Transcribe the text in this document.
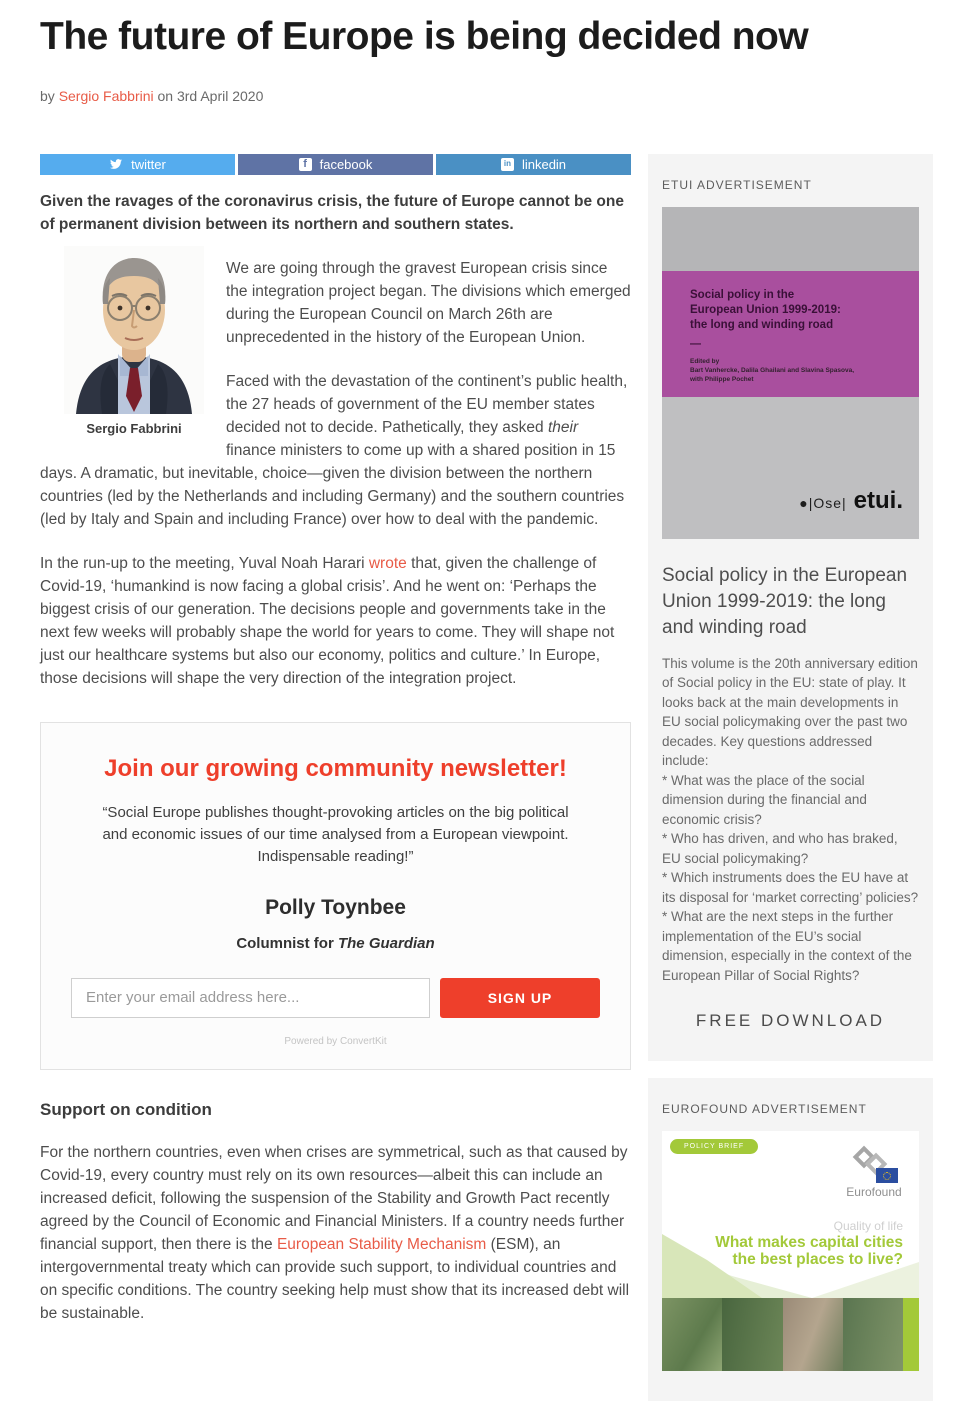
The future of Europe is being decided now
by Sergio Fabbrini on 3rd April 2020
twitter	f facebook	in linkedin

Given the ravages of the coronavirus crisis, the future of Europe cannot be one of permanent division between its northern and southern states.

Sergio Fabbrini

We are going through the gravest European crisis since the integration project began. The divisions which emerged during the European Council on March 26th are unprecedented in the history of the European Union.

Faced with the devastation of the continent’s public health, the 27 heads of government of the EU member states decided not to decide. Pathetically, they asked their finance ministers to come up with a shared position in 15 days. A dramatic, but inevitable, choice—given the division between the northern countries (led by the Netherlands and including Germany) and the southern countries (led by Italy and Spain and including France) over how to deal with the pandemic.

In the run-up to the meeting, Yuval Noah Harari wrote that, given the challenge of Covid-19, ‘humankind is now facing a global crisis’. And he went on: ‘Perhaps the biggest crisis of our generation. The decisions people and governments take in the next few weeks will probably shape the world for years to come. They will shape not just our healthcare systems but also our economy, politics and culture.’ In Europe, those decisions will shape the very direction of the integration project.

Join our growing community newsletter!

“Social Europe publishes thought-provoking articles on the big political and economic issues of our time analysed from a European viewpoint. Indispensable reading!”

Polly Toynbee
Columnist for The Guardian
Enter your email address here...
SIGN UP
Powered by ConvertKit
Support on condition

For the northern countries, even when crises are symmetrical, such as that caused by Covid-19, every country must rely on its own resources—albeit this can include an increased deficit, following the suspension of the Stability and Growth Pact recently agreed by the Council of Economic and Financial Ministers. If a country needs further financial support, then there is the European Stability Mechanism (ESM), an intergovernmental treaty which can provide such support, to individual countries and on specific conditions. The country seeking help must show that its increased debt will be sustainable.

ETUI ADVERTISEMENT
Social policy in the
European Union 1999-2019:
the long and winding road
—
Edited by
Bart Vanhercke, Dalila Ghailani and Slavina Spasova,
with Philippe Pochet
●|Ose| etui.
Social policy in the European Union 1999-2019: the long and winding road

This volume is the 20th anniversary edition of Social policy in the EU: state of play. It looks back at the main developments in EU social policymaking over the past two decades. Key questions addressed include:

* What was the place of the social dimension during the financial and economic crisis?
* Who has driven, and who has braked, EU social policymaking?
* Which instruments does the EU have at its disposal for ‘market correcting’ policies?
* What are the next steps in the further implementation of the EU’s social dimension, especially in the context of the European Pillar of Social Rights?
FREE DOWNLOAD
EUROFOUND ADVERTISEMENT
POLICY BRIEF
Eurofound
Quality of life
What makes capital cities
the best places to live?
